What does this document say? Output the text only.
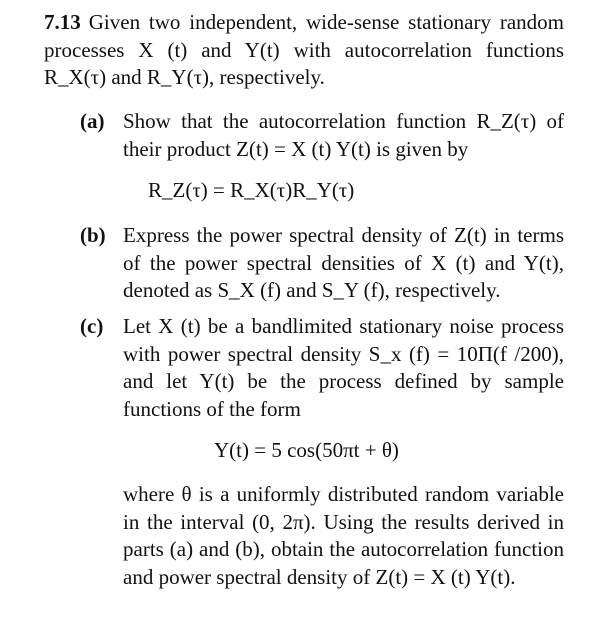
7.13 Given two independent, wide-sense stationary random processes X (t) and Y(t) with autocorrelation functions R_X(τ) and R_Y(τ), respectively.
(a) Show that the autocorrelation function R_Z(τ) of their product Z(t) = X (t) Y(t) is given by
R_Z(τ) = R_X(τ)R_Y(τ)
(b) Express the power spectral density of Z(t) in terms of the power spectral densities of X (t) and Y(t), denoted as S_X (f) and S_Y (f), respectively.
(c) Let X (t) be a bandlimited stationary noise process with power spectral density S_x (f) = 10Π(f /200), and let Y(t) be the process defined by sample functions of the form
Y(t) = 5 cos(50πt + θ)
where θ is a uniformly distributed random variable in the interval (0, 2π). Using the results derived in parts (a) and (b), obtain the autocorrelation function and power spectral density of Z(t) = X (t) Y(t).
